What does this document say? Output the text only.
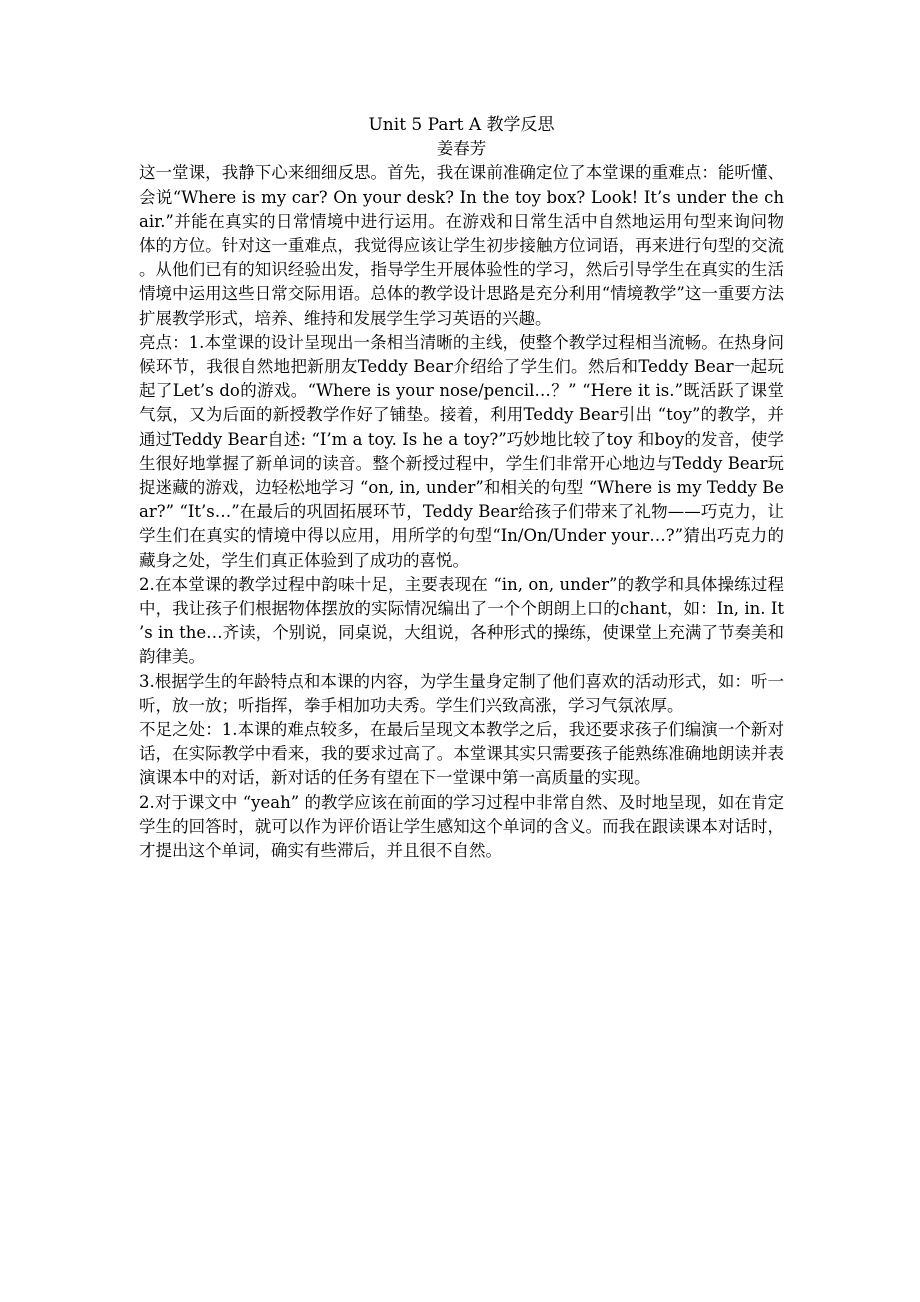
Unit 5 Part A 教学反思

姜春芳

这一堂课，我静下心来细细反思。首先，我在课前准确定位了本堂课的重难点：能听懂、会说“Where is my car? On your desk? In the toy box? Look! It’s under the chair.”并能在真实的日常情境中进行运用。在游戏和日常生活中自然地运用句型来询问物体的方位。针对这一重难点，我觉得应该让学生初步接触方位词语，再来进行句型的交流。从他们已有的知识经验出发，指导学生开展体验性的学习，然后引导学生在真实的生活情境中运用这些日常交际用语。总体的教学设计思路是充分利用“情境教学”这一重要方法扩展教学形式，培养、维持和发展学生学习英语的兴趣。

亮点：1.本堂课的设计呈现出一条相当清晰的主线，使整个教学过程相当流畅。在热身问候环节，我很自然地把新朋友Teddy Bear介绍给了学生们。然后和Teddy Bear一起玩起了Let’s do的游戏。“Where is your nose/pencil…？” “Here it is.”既活跃了课堂气氛，又为后面的新授教学作好了铺垫。接着，利用Teddy Bear引出 “toy”的教学，并通过Teddy Bear自述: “I’m a toy. Is he a toy?”巧妙地比较了toy 和boy的发音，使学生很好地掌握了新单词的读音。整个新授过程中，学生们非常开心地边与Teddy Bear玩捉迷藏的游戏，边轻松地学习 “on, in, under”和相关的句型 “Where is my Teddy Bear?” “It’s…”在最后的巩固拓展环节，Teddy Bear给孩子们带来了礼物——巧克力，让学生们在真实的情境中得以应用，用所学的句型“In/On/Under your…?”猜出巧克力的藏身之处，学生们真正体验到了成功的喜悦。

2.在本堂课的教学过程中韵味十足，主要表现在 “in, on, under”的教学和具体操练过程中，我让孩子们根据物体摆放的实际情况编出了一个个朗朗上口的chant，如：In, in. It’s in the…齐读，个别说，同桌说，大组说，各种形式的操练，使课堂上充满了节奏美和韵律美。

3.根据学生的年龄特点和本课的内容，为学生量身定制了他们喜欢的活动形式，如：听一听，放一放；听指挥，拳手相加功夫秀。学生们兴致高涨，学习气氛浓厚。

不足之处：1.本课的难点较多，在最后呈现文本教学之后，我还要求孩子们编演一个新对话，在实际教学中看来，我的要求过高了。本堂课其实只需要孩子能熟练准确地朗读并表演课本中的对话，新对话的任务有望在下一堂课中第一高质量的实现。

2.对于课文中 “yeah” 的教学应该在前面的学习过程中非常自然、及时地呈现，如在肯定学生的回答时，就可以作为评价语让学生感知这个单词的含义。而我在跟读课本对话时，才提出这个单词，确实有些滞后，并且很不自然。
